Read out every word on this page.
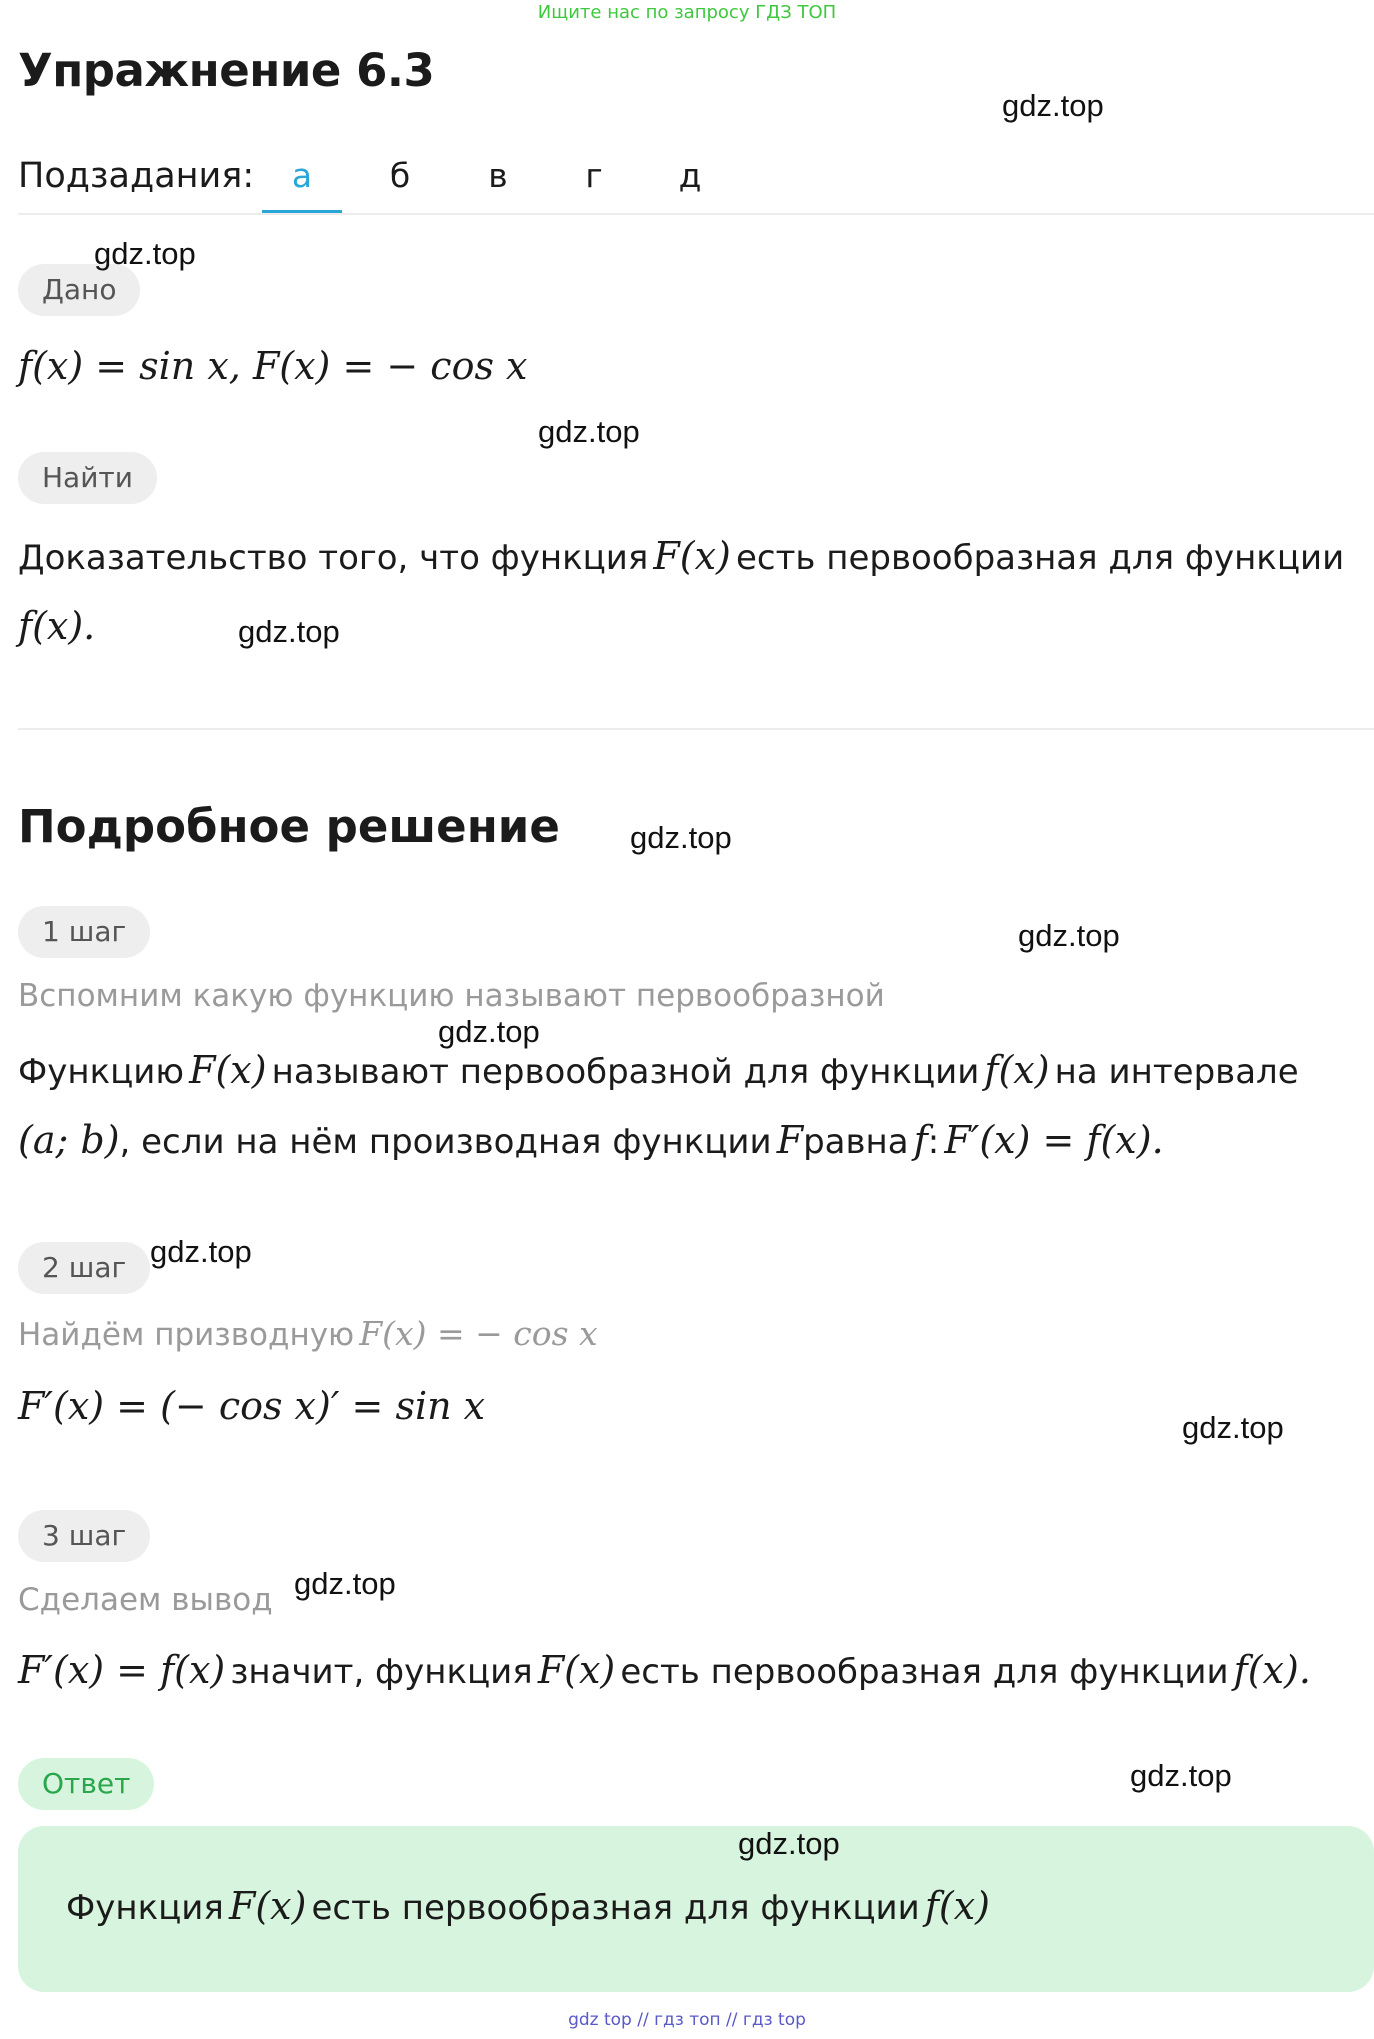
Ищите нас по запросу ГДЗ ТОП
Упражнение 6.3
Подзадания:	а	б	в	г	д
Дано
f(x) = sin x, F(x) = − cos x
Найти
Доказательство того, что функция F(x) есть первообразная для функции
f(x).
Подробное решение
1 шаг
Вспомним какую функцию называют первообразной
Функцию F(x) называют первообразной для функции f(x) на интервале
(a; b), если на нём производная функции Fравна f: F′(x) = f(x).
2 шаг
Найдём призводную F(x) = − cos x
F′(x) = (− cos x)′ = sin x
3 шаг
Сделаем вывод
F′(x) = f(x) значит, функция F(x) есть первообразная для функции f(x).
Ответ
Функция F(x) есть первообразная для функции f(x)
gdz.top
gdz.top
gdz.top
gdz.top
gdz.top
gdz.top
gdz.top
gdz.top
gdz.top
gdz.top
gdz.top
gdz.top
gdz top // гдз топ // гдз top
